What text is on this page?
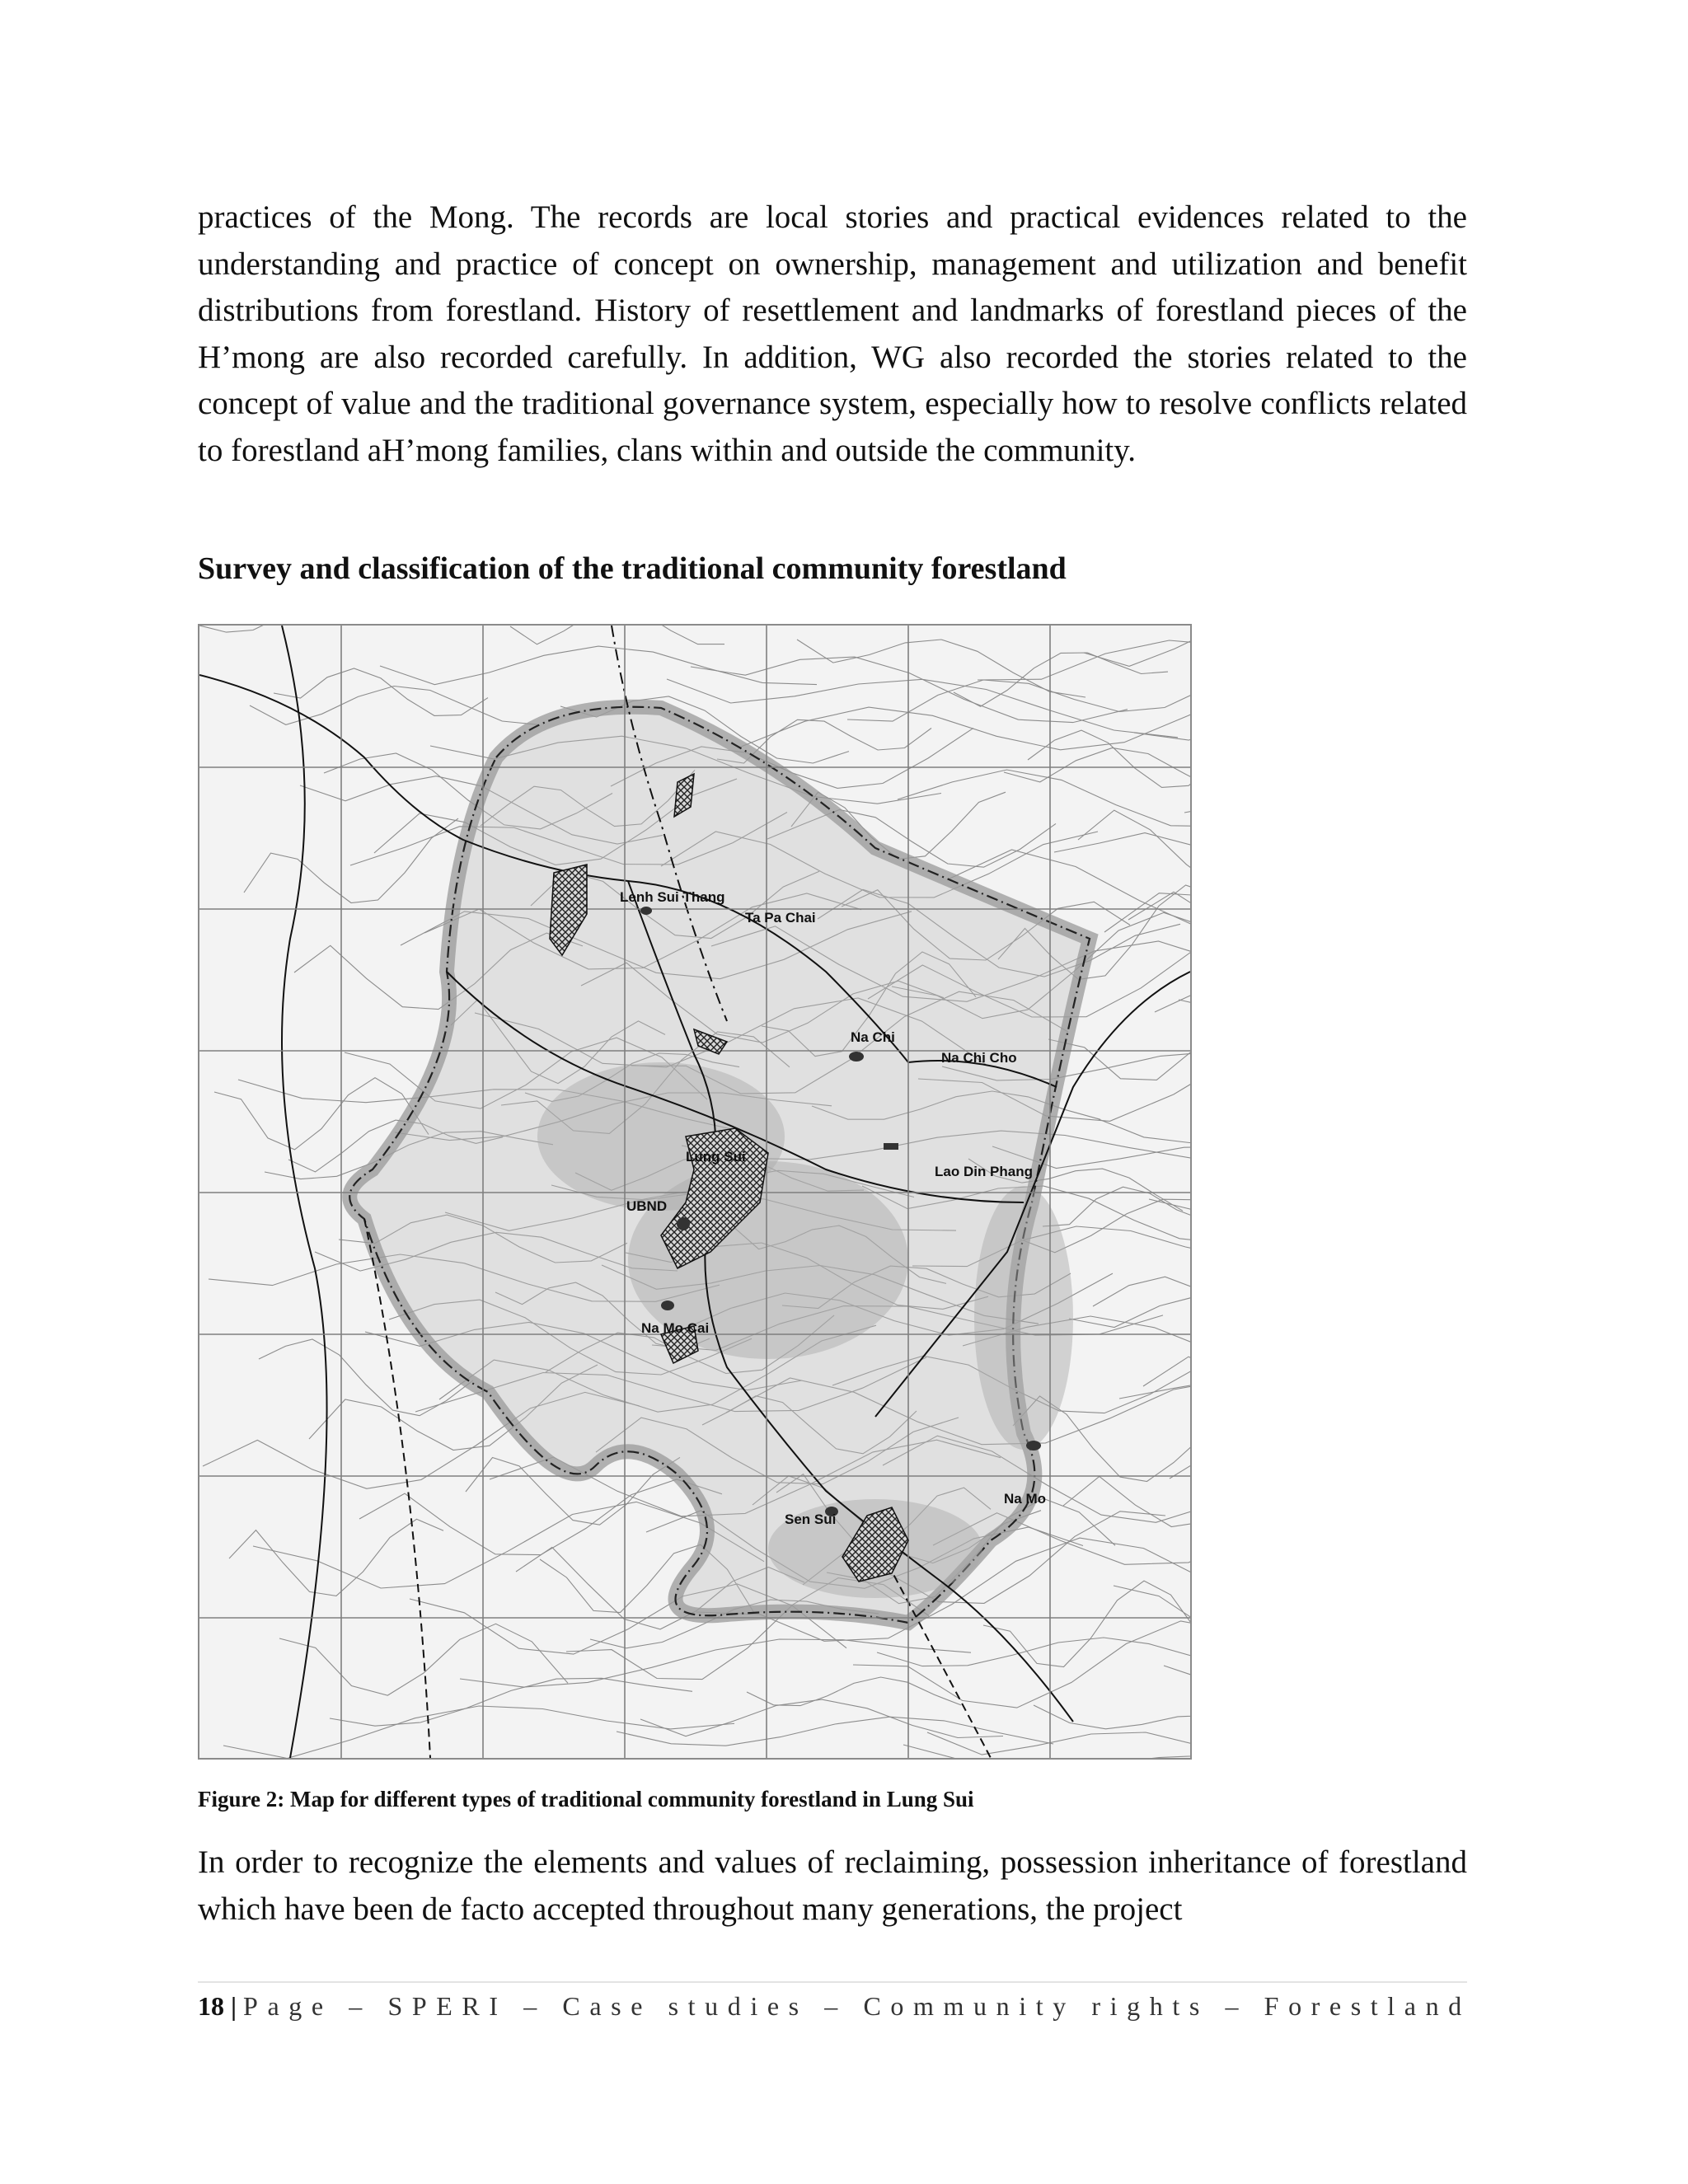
practices of the Mong. The records are local stories and practical evidences related to the understanding and practice of concept on ownership, management and utilization and benefit distributions from forestland. History of resettlement and landmarks of forestland pieces of the H’mong are also recorded carefully. In addition, WG also recorded the stories related to the concept of value and the traditional governance system, especially how to resolve conflicts related to forestland aH’mong families, clans within and outside the community.

Survey and classification of the traditional community forestland
Lenh Sui Thang
Ta Pa Chai
Na Chi
Na Chi Cho
Lao Din Phang
UBND
Lung Sui
Na Mo Cai
Na Mo
Sen Sui

Figure 2: Map for different types of traditional community forestland in Lung Sui

In order to recognize the elements and values of reclaiming, possession inheritance of forestland which have been de facto accepted throughout many generations, the project

18 | Page – SPERI – Case studies – Community rights – Forestland
